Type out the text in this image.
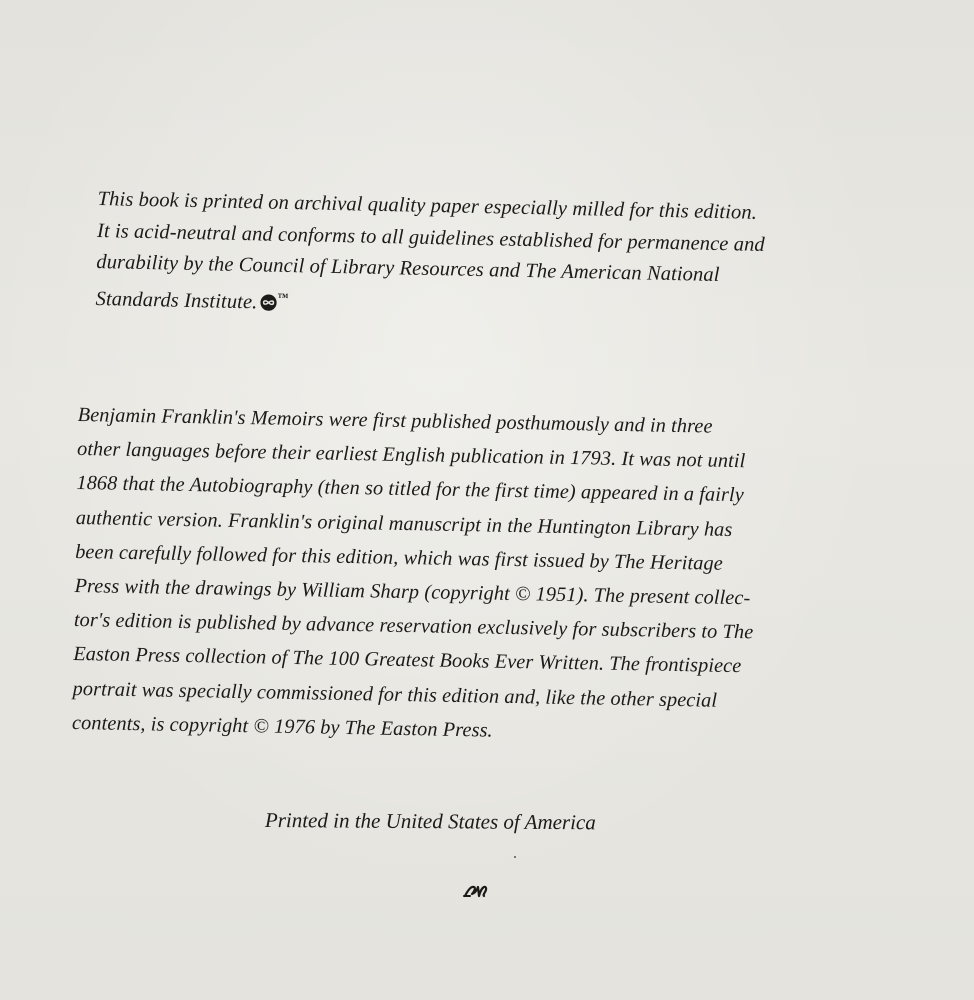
This book is printed on archival quality paper especially milled for this edition.
It is acid-neutral and conforms to all guidelines established for permanence and
durability by the Council of Library Resources and The American National
Standards Institute. ™
Benjamin Franklin's Memoirs were first published posthumously and in three
other languages before their earliest English publication in 1793. It was not until
1868 that the Autobiography (then so titled for the first time) appeared in a fairly
authentic version. Franklin's original manuscript in the Huntington Library has
been carefully followed for this edition, which was first issued by The Heritage
Press with the drawings by William Sharp (copyright © 1951). The present collec-
tor's edition is published by advance reservation exclusively for subscribers to The
Easton Press collection of The 100 Greatest Books Ever Written. The frontispiece
portrait was specially commissioned for this edition and, like the other special
contents, is copyright © 1976 by The Easton Press.
Printed in the United States of America
